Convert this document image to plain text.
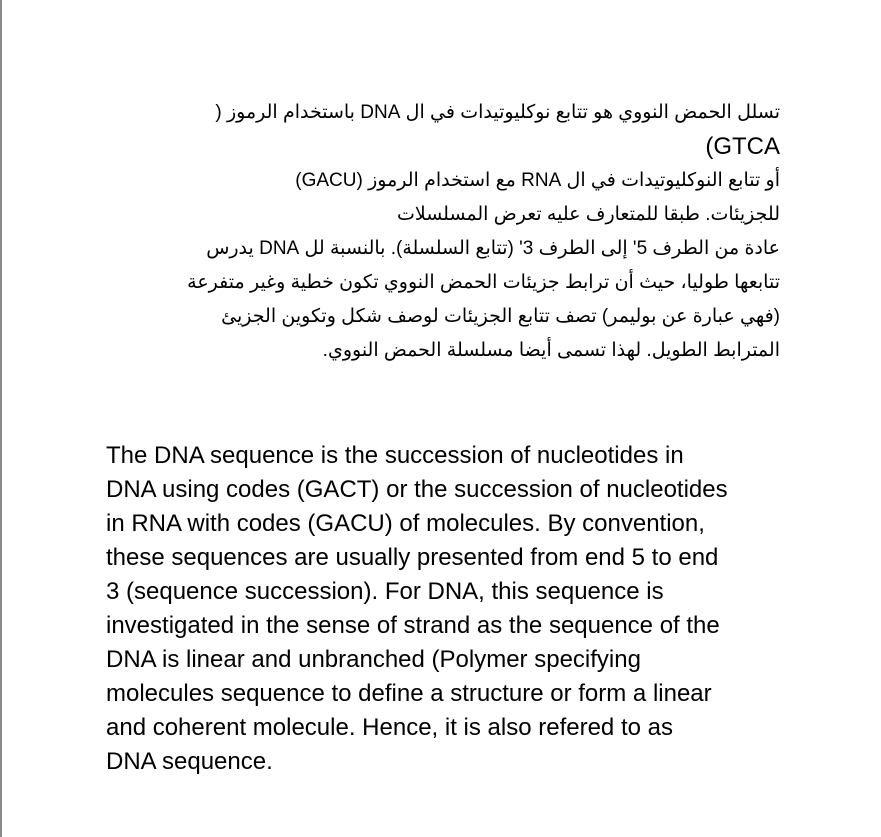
تسلل الحمض النووي هو تتابع نوكليوتيدات في ال DNA باستخدام الرموز (
GTCA)
أو تتابع النوكليوتيدات في ال RNA مع استخدام الرموز (GACU)
للجزيئات. طبقا للمتعارف عليه تعرض المسلسلات
عادة من الطرف 5' إلى الطرف 3' (تتابع السلسلة). بالنسبة لل DNA يدرس
تتابعها طوليا، حيث أن ترابط جزيئات الحمض النووي تكون خطية وغير متفرعة
(فهي عبارة عن بوليمر) تصف تتابع الجزيئات لوصف شكل وتكوين الجزيئ
المترابط الطويل. لهذا تسمى أيضا مسلسلة الحمض النووي.
The DNA sequence is the succession of nucleotides in
DNA using codes (GACT) or the succession of nucleotides
in RNA with codes (GACU) of molecules. By convention,
these sequences are usually presented from end 5 to end
3 (sequence succession). For DNA, this sequence is
investigated in the sense of strand as the sequence of the
DNA is linear and unbranched (Polymer specifying
molecules sequence to define a structure or form a linear
and coherent molecule. Hence, it is also refered to as
DNA sequence.
